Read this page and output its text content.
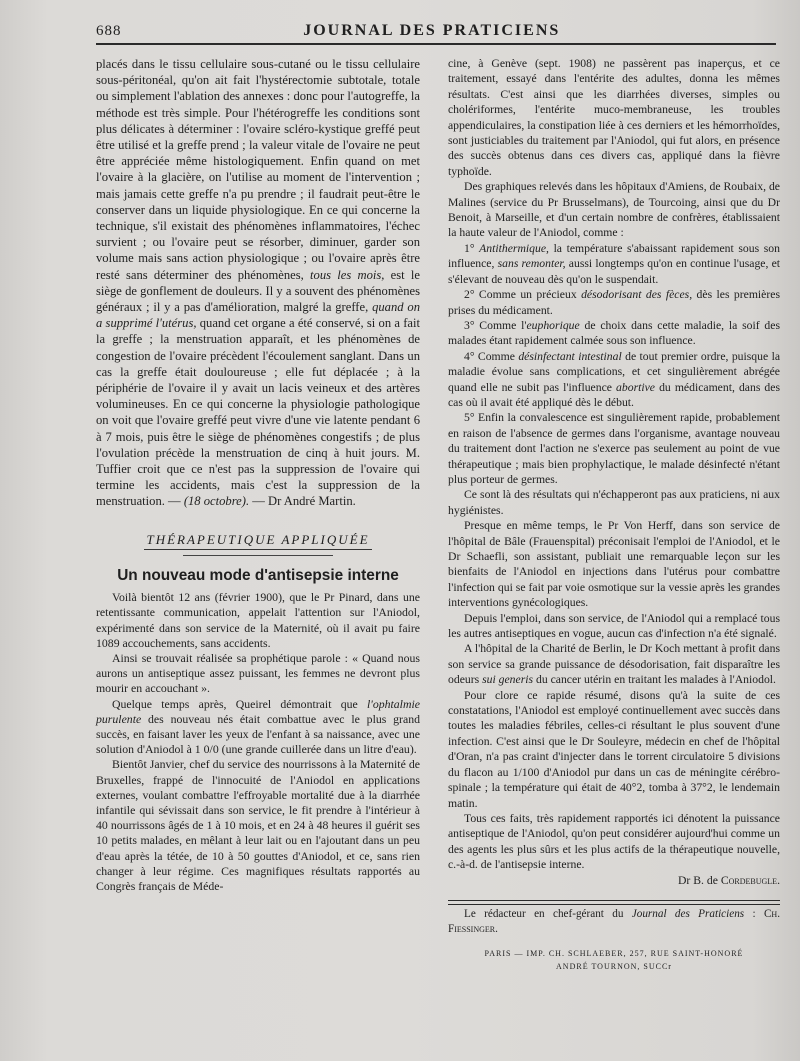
688	JOURNAL DES PRATICIENS

placés dans le tissu cellulaire sous-cutané ou le tissu cellulaire sous-péritonéal, qu'on ait fait l'hystérectomie subtotale, totale ou simplement l'ablation des annexes : donc pour l'autogreffe, la méthode est très simple. Pour l'hétérogreffe les conditions sont plus délicates à déterminer : l'ovaire scléro-kystique greffé peut être utilisé et la greffe prend ; la valeur vitale de l'ovaire ne peut être appréciée même histologiquement. Enfin quand on met l'ovaire à la glacière, on l'utilise au moment de l'intervention ; mais jamais cette greffe n'a pu prendre ; il faudrait peut-être le conserver dans un liquide physiologique. En ce qui concerne la technique, s'il existait des phénomènes inflammatoires, l'échec survient ; ou l'ovaire peut se résorber, diminuer, garder son volume mais sans action physiologique ; ou l'ovaire après être resté sans déterminer des phénomènes, tous les mois, est le siège de gonflement de douleurs. Il y a souvent des phénomènes généraux ; il y a pas d'amélioration, malgré la greffe, quand on a supprimé l'utérus, quand cet organe a été conservé, si on a fait la greffe ; la menstruation apparaît, et les phénomènes de congestion de l'ovaire précèdent l'écoulement sanglant. Dans un cas la greffe était douloureuse ; elle fut déplacée ; à la périphérie de l'ovaire il y avait un lacis veineux et des artères volumineuses. En ce qui concerne la physiologie pathologique on voit que l'ovaire greffé peut vivre d'une vie latente pendant 6 à 7 mois, puis être le siège de phénomènes congestifs ; de plus l'ovulation précède la menstruation de cinq à huit jours. M. Tuffier croit que ce n'est pas la suppression de l'ovaire qui termine les accidents, mais c'est la suppression de la menstruation. — (18 octobre). — Dr André Martin.

THÉRAPEUTIQUE APPLIQUÉE
Un nouveau mode d'antisepsie interne

Voilà bientôt 12 ans (février 1900), que le Pr Pinard, dans une retentissante communication, appelait l'attention sur l'Aniodol, expérimenté dans son service de la Maternité, où il avait pu faire 1089 accouchements, sans accidents.

Ainsi se trouvait réalisée sa prophétique parole : « Quand nous aurons un antiseptique assez puissant, les femmes ne devront plus mourir en accouchant ».

Quelque temps après, Queirel démontrait que l'ophtalmie purulente des nouveau nés était combattue avec le plus grand succès, en faisant laver les yeux de l'enfant à sa naissance, avec une solution d'Aniodol à 1 0/0 (une grande cuillerée dans un litre d'eau).

Bientôt Janvier, chef du service des nourrissons à la Maternité de Bruxelles, frappé de l'innocuité de l'Aniodol en applications externes, voulant combattre l'effroyable mortalité due à la diarrhée infantile qui sévissait dans son service, le fit prendre à l'intérieur à 40 nourrissons âgés de 1 à 10 mois, et en 24 à 48 heures il guérit ses 10 petits malades, en mêlant à leur lait ou en l'ajoutant dans un peu d'eau après la tétée, de 10 à 50 gouttes d'Aniodol, et ce, sans rien changer à leur régime. Ces magnifiques résultats rapportés au Congrès français de Méde-

cine, à Genève (sept. 1908) ne passèrent pas inaperçus, et ce traitement, essayé dans l'entérite des adultes, donna les mêmes résultats. C'est ainsi que les diarrhées diverses, simples ou cholériformes, l'entérite muco-membraneuse, les troubles appendiculaires, la constipation liée à ces derniers et les hémorrhoïdes, sont justiciables du traitement par l'Aniodol, qui fut alors, en présence des succès obtenus dans ces divers cas, appliqué dans la fièvre typhoïde.

Des graphiques relevés dans les hôpitaux d'Amiens, de Roubaix, de Malines (service du Pr Brusselmans), de Tourcoing, ainsi que du Dr Benoit, à Marseille, et d'un certain nombre de confrères, établissaient la haute valeur de l'Aniodol, comme :

1° Antithermique, la température s'abaissant rapidement sous son influence, sans remonter, aussi longtemps qu'on en continue l'usage, et s'élevant de nouveau dès qu'on le suspendait.

2° Comme un précieux désodorisant des fèces, dès les premières prises du médicament.

3° Comme l'euphorique de choix dans cette maladie, la soif des malades étant rapidement calmée sous son influence.

4° Comme désinfectant intestinal de tout premier ordre, puisque la maladie évolue sans complications, et cet singulièrement abrégée quand elle ne subit pas l'influence abortive du médicament, dans des cas où il avait été appliqué dès le début.

5° Enfin la convalescence est singulièrement rapide, probablement en raison de l'absence de germes dans l'organisme, avantage nouveau du traitement dont l'action ne s'exerce pas seulement au point de vue thérapeutique ; mais bien prophylactique, le malade désinfecté n'étant plus porteur de germes.

Ce sont là des résultats qui n'échapperont pas aux praticiens, ni aux hygiénistes.

Presque en même temps, le Pr Von Herff, dans son service de l'hôpital de Bâle (Frauenspital) préconisait l'emploi de l'Aniodol, et le Dr Schaefli, son assistant, publiait une remarquable leçon sur les bienfaits de l'Aniodol en injections dans l'utérus pour combattre l'infection qui se fait par voie osmotique sur la vessie après les grandes interventions gynécologiques.

Depuis l'emploi, dans son service, de l'Aniodol qui a remplacé tous les autres antiseptiques en vogue, aucun cas d'infection n'a été signalé.

A l'hôpital de la Charité de Berlin, le Dr Koch mettant à profit dans son service sa grande puissance de désodorisation, fait disparaître les odeurs sui generis du cancer utérin en traitant les malades à l'Aniodol.

Pour clore ce rapide résumé, disons qu'à la suite de ces constatations, l'Aniodol est employé continuellement avec succès dans toutes les maladies fébriles, celles-ci résultant le plus souvent d'une infection. C'est ainsi que le Dr Souleyre, médecin en chef de l'hôpital d'Oran, n'a pas craint d'injecter dans le torrent circulatoire 5 divisions du flacon au 1/100 d'Aniodol pur dans un cas de méningite cérébro-spinale ; la température qui était de 40°2, tomba à 37°2, le lendemain matin.

Tous ces faits, très rapidement rapportés ici dénotent la puissance antiseptique de l'Aniodol, qu'on peut considérer aujourd'hui comme un des agents les plus sûrs et les plus actifs de la thérapeutique nouvelle, c.-à-d. de l'antisepsie interne.

Dr B. de Cordebugle.

Le rédacteur en chef-gérant du Journal des Praticiens : Ch. Fiessinger.

PARIS — IMP. CH. SCHLAEBER, 257, RUE SAINT-HONORÉ

ANDRÉ TOURNON, SUCCr
